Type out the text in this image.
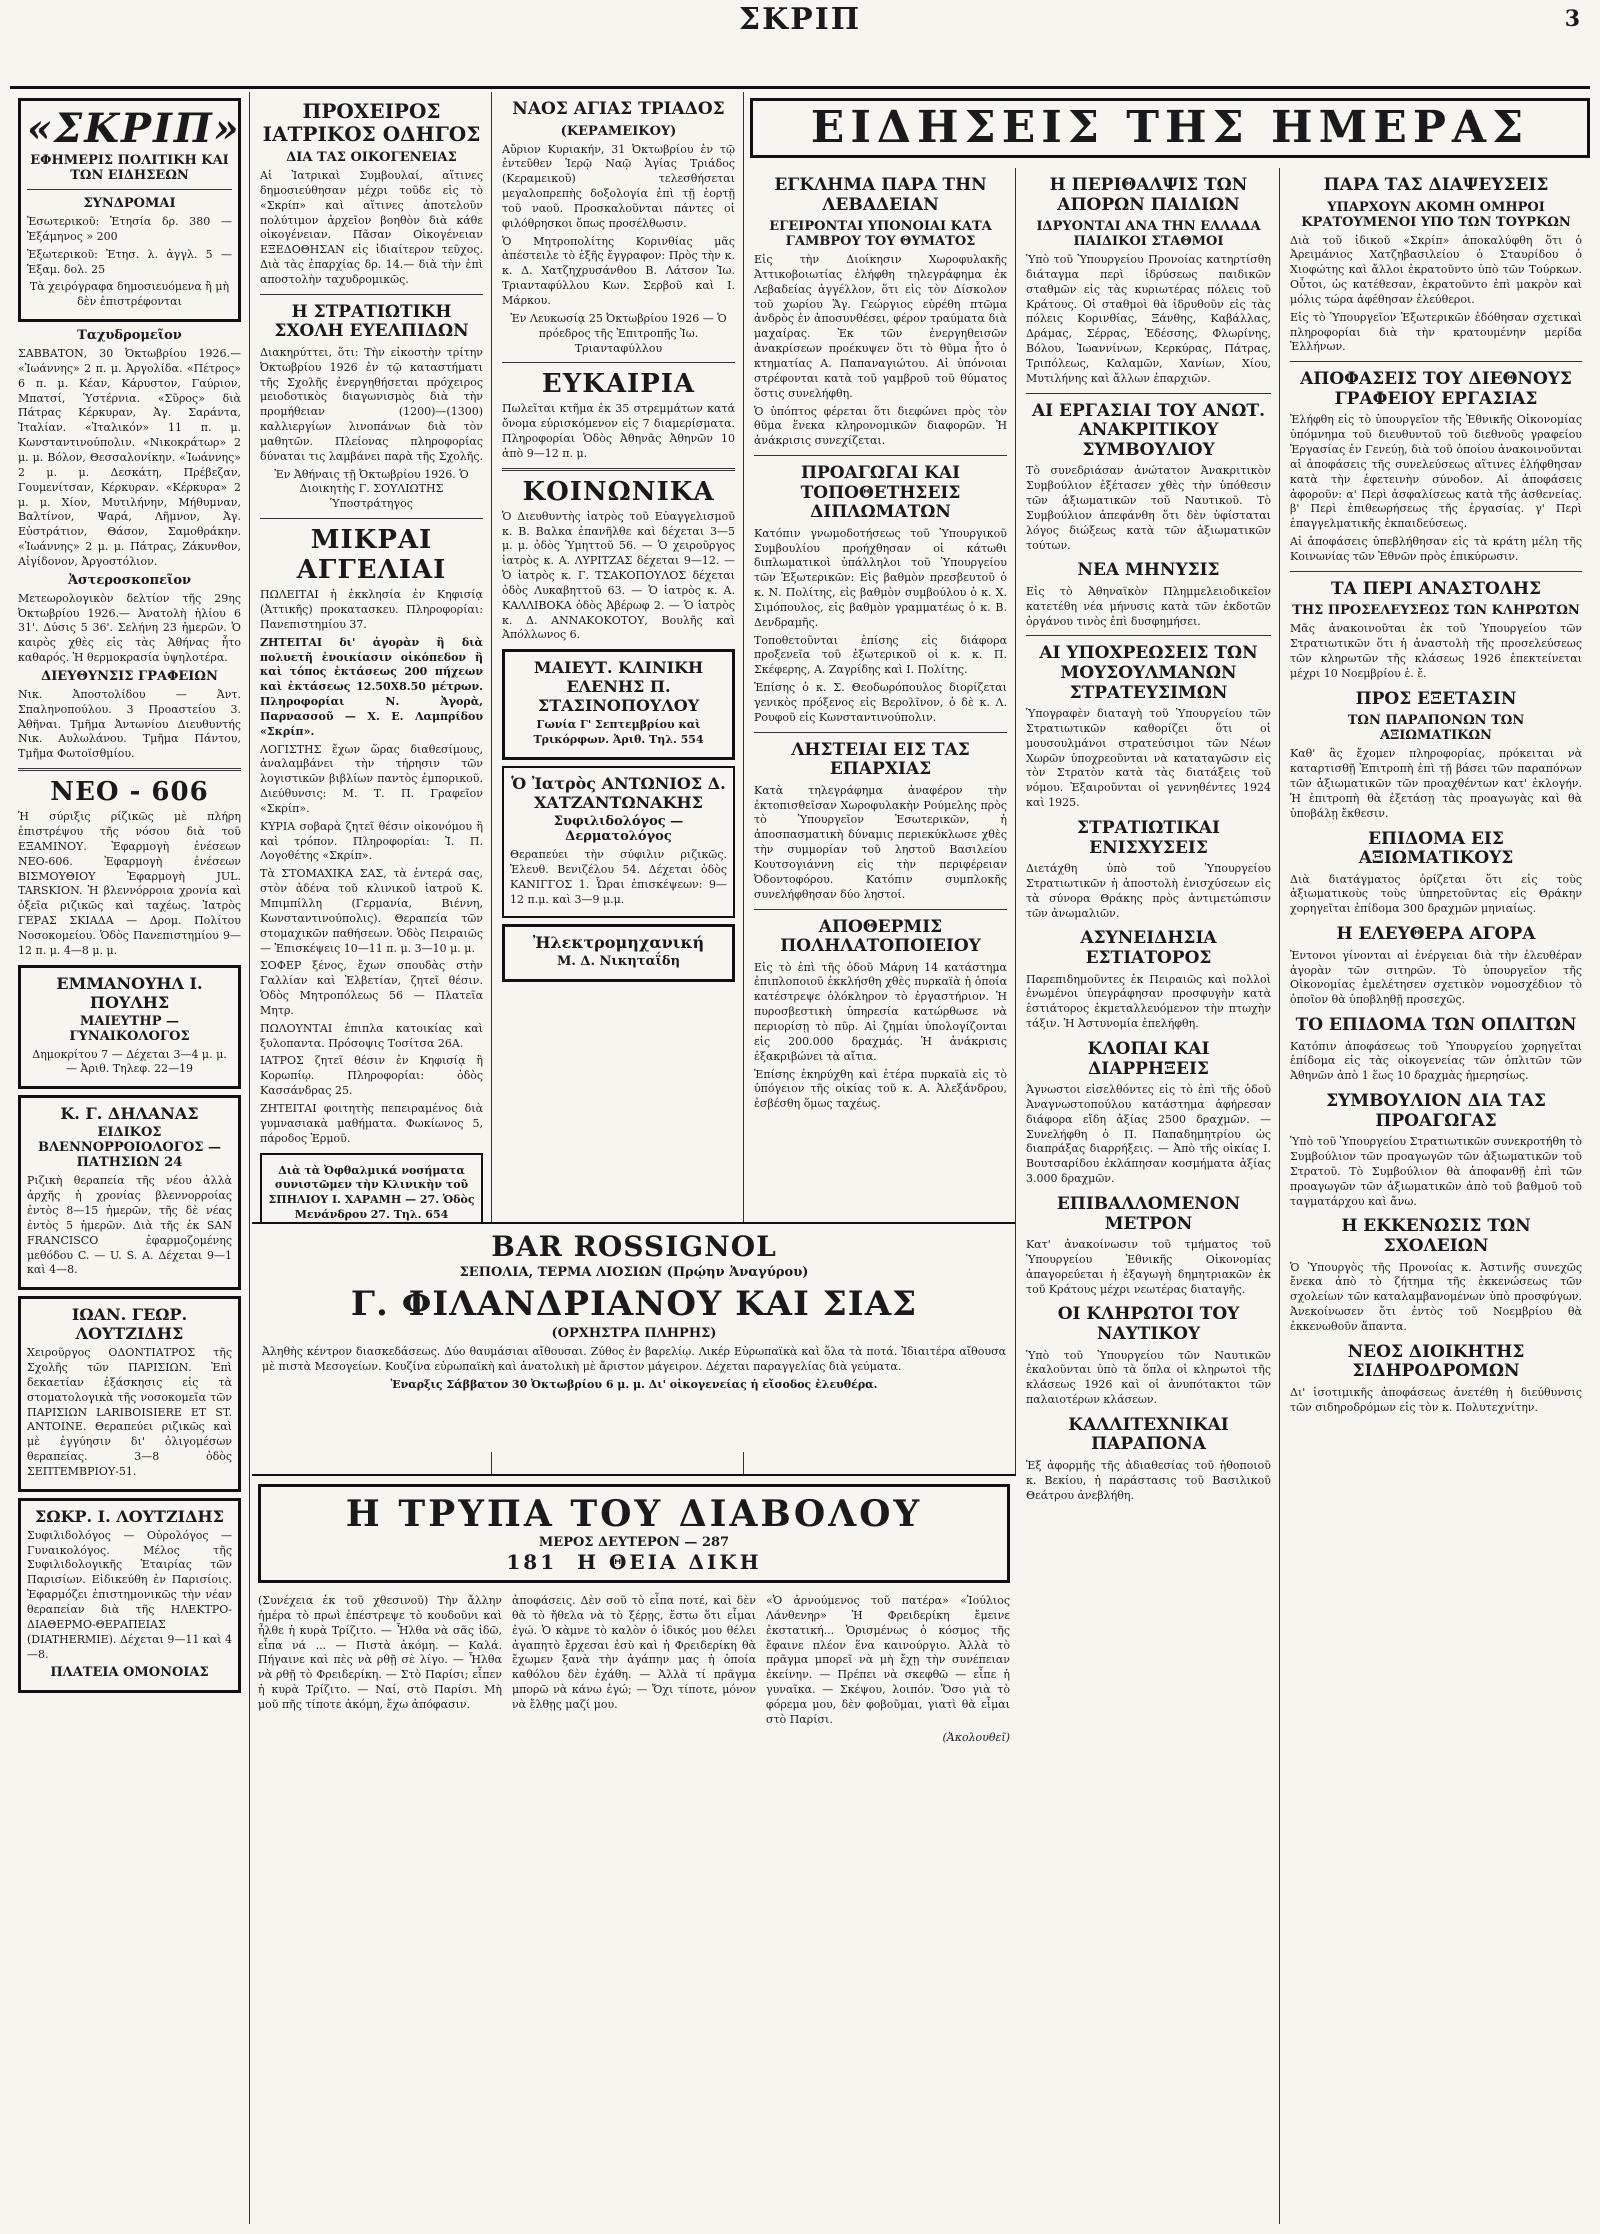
ΣΚΡΙΠ	3
«ΣΚΡΙΠ»
ΕΦΗΜΕΡΙΣ ΠΟΛΙΤΙΚΗ ΚΑΙ ΤΩΝ ΕΙΔΗΣΕΩΝ
ΣΥΝΔΡΟΜΑΙ
Ἐσωτερικοῦ: Ἐτησία δρ. 380 — Ἑξάμηνος » 200
Ἐξωτερικοῦ: Ἐτησ. λ. ἀγγλ. 5 — Ἑξαμ. δολ. 25
Τὰ χειρόγραφα δημοσιευόμενα ἢ μὴ δὲν ἐπιστρέφονται
Ταχυδρομεῖον
ΣΑΒΒΑΤΟΝ, 30 Ὀκτωβρίου 1926.— «Ἰωάννης» 2 π. μ. Ἀργολίδα. «Πέτρος» 6 π. μ. Κέαν, Κάρυστον, Γαύριον, Μπατσί, Ὑστέρνια. «Σῦρος» διὰ Πάτρας Κέρκυραν, Ἀγ. Σαράντα, Ἰταλίαν. «Ἰταλικόν» 11 π. μ. Κωνσταντινούπολιν. «Νικοκράτωρ» 2 μ. μ. Βόλον, Θεσσαλονίκην. «Ἰωάννης» 2 μ. μ. Δεσκάτη, Πρέβεζαν, Γουμενίτσαν, Κέρκυραν. «Κέρκυρα» 2 μ. μ. Χίον, Μυτιλήνην, Μήθυμναν, Βαλτίνον, Ψαρά, Λῆμνον, Ἀγ. Εὐστράτιον, Θάσον, Σαμοθράκην. «Ἰωάννης» 2 μ. μ. Πάτρας, Ζάκυνθον, Αἰγίδονον, Ἀργοστόλιον.
Ἀστεροσκοπεῖον
Μετεωρολογικὸν δελτίον τῆς 29ης Ὀκτωβρίου 1926.— Ἀνατολὴ ἡλίου 6 31'. Δύσις 5 36'. Σελήνη 23 ἡμερῶν. Ὁ καιρὸς χθὲς εἰς τὰς Ἀθήνας ἦτο καθαρός. Ἡ θερμοκρασία ὑψηλοτέρα.
ΔΙΕΥΘΥΝΣΙΣ ΓΡΑΦΕΙΩΝ
Νικ. Ἀποστολίδου — Ἀντ. Σπαληνοπούλου. 3 Προαστείου 3. Ἀθῆναι. Τμῆμα Ἀντωνίου Διευθυντής Νικ. Αυλωλάνου. Τμῆμα Πάντου, Τμῆμα Φωτοϊσθμίου.
ΝΕΟ - 606
Ἡ σύριξις ρίζικῶς μὲ πλήρη ἐπιστρέψου τῆς νόσου διὰ τοῦ ΕΞΑΜΙΝΟΥ. Ἐφαρμογὴ ἐνέσεων ΝΕΟ-606. Ἐφαρμογὴ ἐνέσεων ΒΙΣΜΟΥΘΙΟΥ Ἐφαρμογὴ JUL. TARSKION. Ἡ βλεννόρροια χρονία καὶ ὀξεῖα ριζικῶς καὶ ταχέως. Ἰατρὸς ΓΕΡΑΣ ΣΚΙΑΔΑ — Δρομ. Πολίτου Νοσοκομείου. Ὁδὸς Πανεπιστημίου 9—12 π. μ. 4—8 μ. μ.
ΕΜΜΑΝΟΥΗΛ Ι. ΠΟΥΛΗΣ
ΜΑΙΕΥΤΗΡ — ΓΥΝΑΙΚΟΛΟΓΟΣ
Δημοκρίτου 7 — Δέχεται 3—4 μ. μ. — Ἀριθ. Τηλεφ. 22—19
Κ. Γ. ΔΗΛΑΝΑΣ
ΕΙΔΙΚΟΣ ΒΛΕΝΝΟΡΡΟΙΟΛΟΓΟΣ — ΠΑΤΗΣΙΩΝ 24
Ριζικὴ θεραπεία τῆς νέου ἀλλὰ ἀρχῆς ἡ χρονίας βλεννορροίας ἐντὸς 8—15 ἡμερῶν, τῆς δὲ νέας ἐντὸς 5 ἡμερῶν. Διὰ τῆς ἐκ SAN FRANCISCO ἐφαρμοζομένης μεθόδου C. — U. S. A. Δέχεται 9—1 καὶ 4—8.
ΙΩΑΝ. ΓΕΩΡ. ΛΟΥΤΖΙΔΗΣ
Χειροῦργος ΟΔΟΝΤΙΑΤΡΟΣ τῆς Σχολῆς τῶν ΠΑΡΙΣΙΩΝ. Ἐπὶ δεκαετίαν ἐξάσκησις εἰς τὰ στοματολογικὰ τῆς νοσοκομεῖα τῶν ΠΑΡΙΣΙΩΝ LARIBOISIERE ET ST. ANTOINE. Θεραπεύει ριζικῶς καὶ μὲ ἐγγύησιν δι' ὀλιγομέσων θεραπείας. 3—8 ὁδὸς ΣΕΠΤΕΜΒΡΙΟΥ-51.
ΣΩΚΡ. Ι. ΛΟΥΤΖΙΔΗΣ
Συφιλιδολόγος — Οὐρολόγος — Γυναικολόγος. Μέλος τῆς Συφιλιδολογικῆς Ἑταιρίας τῶν Παρισίων. Εἰδικεύθη ἐν Παρισίοις. Ἐφαρμόζει ἐπιστημονικῶς τὴν νέαν θεραπείαν διὰ τῆς ΗΛΕΚΤΡΟ-ΔΙΑΘΕΡΜΟ-ΘΕΡΑΠΕΙΑΣ (DIATHERMIE). Δέχεται 9—11 καὶ 4—8.
ΠΛΑΤΕΙΑ ΟΜΟΝΟΙΑΣ
ΠΡΟΧΕΙΡΟΣ ΙΑΤΡΙΚΟΣ ΟΔΗΓΟΣ
ΔΙΑ ΤΑΣ ΟΙΚΟΓΕΝΕΙΑΣ
Αἱ Ἰατρικαὶ Συμβουλαί, αἵτινες δημοσιεύθησαν μέχρι τοῦδε εἰς τὸ «Σκρίπ» καὶ αἵτινες ἀποτελοῦν πολύτιμον ἀρχεῖον βοηθὸν διὰ κάθε οἰκογένειαν. Πᾶσαν Οἰκογένειαν ΕΞΕΔΟΘΗΣΑΝ εἰς ἰδιαίτερον τεῦχος. Διὰ τὰς ἐπαρχίας δρ. 14.— διὰ τὴν ἐπὶ αποστολὴν ταχυδρομικῶς.
Η ΣΤΡΑΤΙΩΤΙΚΗ ΣΧΟΛΗ ΕΥΕΛΠΙΔΩΝ
Διακηρύττει, ὅτι: Τὴν εἰκοστὴν τρίτην Ὀκτωβρίου 1926 ἐν τῷ καταστήματι τῆς Σχολῆς ἐνεργηθήσεται πρόχειρος μειοδοτικὸς διαγωνισμὸς διὰ τὴν προμήθειαν (1200)—(1300) καλλιεργίων λινοπάνων διὰ τὸν μαθητῶν. Πλείονας πληροφορίας δύναται τις λαμβάνει παρὰ τῆς Σχολῆς.
Ἐν Ἀθήναις τῇ Ὀκτωβρίου 1926. Ὁ Διοικητὴς Γ. ΣΟΥΛΙΩΤΗΣ Ὑποστράτηγος
ΜΙΚΡΑΙ ΑΓΓΕΛΙΑΙ
ΠΩΛΕΙΤΑΙ ἡ ἐκκλησία ἐν Κηφισίᾳ (Ἀττικῆς) προκατασκευ. Πληροφορίαι: Πανεπιστημίου 37.
ΖΗΤΕΙΤΑΙ δι' ἀγορὰν ἢ διὰ πολυετῆ ἐνοικίασιν οἰκόπεδον ἢ καὶ τόπος ἐκτάσεως 200 πήχεων καὶ ἐκτάσεως 12.50Χ8.50 μέτρων. Πληροφορίαι Ν. Ἀγορὰ, Παρνασσοῦ — Χ. Ε. Λαμπρίδου «Σκρίπ».
ΛΟΓΙΣΤΗΣ ἔχων ὥρας διαθεσίμους, ἀναλαμβάνει τὴν τήρησιν τῶν λογιστικῶν βιβλίων παντὸς ἐμπορικοῦ. Διεύθυνσις: Μ. Τ. Π. Γραφεῖον «Σκρίπ».
ΚΥΡΙΑ σοβαρὰ ζητεῖ θέσιν οἰκονόμου ἢ καὶ τρόπον. Πληροφορίαι: Ἰ. Π. Λογοθέτης «Σκρίπ».
Τὰ ΣΤΟΜΑΧΙΚΑ ΣΑΣ, τὰ ἐντερά σας, στὸν ἀδένα τοῦ κλινικοῦ ἰατροῦ Κ. Μπιμπίλλη (Γερμανία, Βιέννη, Κωνσταντινούπολις). Θεραπεία τῶν στομαχικῶν παθήσεων. Ὁδὸς Πειραιῶς — Ἐπισκέψεις 10—11 π. μ. 3—10 μ. μ.
ΣΟΦΕΡ ξένος, ἔχων σπουδὰς στὴν Γαλλίαν καὶ Ἑλβετίαν, ζητεῖ θέσιν. Ὁδὸς Μητροπόλεως 56 — Πλατεῖα Μητρ.
ΠΩΛΟΥΝΤΑΙ ἐπιπλα κατοικίας καὶ ξυλοπαντα. Πρόσοψις Τοσίτσα 26Α.
ΙΑΤΡΟΣ ζητεῖ θέσιν ἐν Κηφισίᾳ ἢ Κορωπίῳ. Πληροφορίαι: ὁδὸς Κασσάνδρας 25.
ΖΗΤΕΙΤΑΙ φοιτητὴς πεπειραμένος διὰ γυμνασιακὰ μαθήματα. Φωκίωνος 5, πάροδος Ἑρμοῦ.
Διὰ τὰ Ὀφθαλμικά νοσήματα συνιστῶμεν τὴν Κλινικὴν τοῦ ΣΠΗΛΙΟΥ Ι. ΧΑΡΑΜΗ — 27. Ὁδὸς Μενάνδρου 27. Τηλ. 654
ΝΑΟΣ ΑΓΙΑΣ ΤΡΙΑΔΟΣ
(ΚΕΡΑΜΕΙΚΟΥ)
Αὔριον Κυριακήν, 31 Ὀκτωβρίου ἐν τῷ ἐντεῦθεν Ἱερῷ Ναῷ Ἁγίας Τριάδος (Κεραμεικοῦ) τελεσθήσεται μεγαλοπρεπὴς δοξολογία ἐπὶ τῇ ἑορτῇ τοῦ ναοῦ. Προσκαλοῦνται πάντες οἱ φιλόθρησκοι ὅπως προσέλθωσιν.
Ὁ Μητροπολίτης Κορινθίας μᾶς ἀπέστειλε τὸ ἑξῆς ἔγγραφον: Πρὸς τὴν κ. κ. Δ. Χατζηχρυσάνθου Β. Λάτσον Ἰω. Τριανταφύλλου Κων. Σερβοῦ καὶ Ι. Μάρκου.
Ἐν Λευκωσίᾳ 25 Ὀκτωβρίου 1926 — Ὁ πρόεδρος τῆς Ἐπιτροπῆς Ἰω. Τριανταφύλλου
ΕΥΚΑΙΡΙΑ
Πωλεῖται κτῆμα ἐκ 35 στρεμμάτων κατά ὄνομα εὑρισκόμενον εἰς 7 διαμερίσματα. Πληροφορίαι Ὁδὸς Ἀθηνᾶς Ἀθηνῶν 10 ἀπὸ 9—12 π. μ.
ΚΟΙΝΩΝΙΚΑ
Ὁ Διευθυντὴς ἰατρὸς τοῦ Εὐαγγελισμοῦ κ. Β. Βαλκα ἐπανῆλθε καὶ δέχεται 3—5 μ. μ. ὁδὸς Ὑμηττοῦ 56. — Ὁ χειροῦργος ἰατρὸς κ. Α. ΛΥΡΙΤΖΑΣ δέχεται 9—12. — Ὁ ἰατρὸς κ. Γ. ΤΣΑΚΟΠΟΥΛΟΣ δέχεται ὁδὸς Λυκαβηττοῦ 63. — Ὁ ἰατρὸς κ. Α. ΚΑΛΛΙΒΟΚΑ ὁδὸς Ἀβέρωφ 2. — Ὁ ἰατρὸς κ. Δ. ΑΝΝΑΚΟΚΟΤΟΥ, Βουλῆς καὶ Ἀπόλλωνος 6.
ΜΑΙΕΥΤ. ΚΛΙΝΙΚΗ ΕΛΕΝΗΣ Π. ΣΤΑΣΙΝΟΠΟΥΛΟΥ
Γωνία Γ' Σεπτεμβρίου καὶ Τρικόρφων. Ἀριθ. Τηλ. 554
Ὁ Ἰατρὸς ΑΝΤΩΝΙΟΣ Δ. ΧΑΤΖΑΝΤΩΝΑΚΗΣ
Συφιλιδολόγος — Δερματολόγος
Θεραπεύει τὴν σύφιλιν ριζικῶς. Ἑλευθ. Βενιζέλου 54. Δέχεται ὁδὸς ΚΑΝΙΓΓΟΣ 1. Ὧραι ἐπισκέψεων: 9—12 π.μ. καὶ 3—9 μ.μ.
Ἠλεκτρομηχανική
Μ. Δ. Νικηταΐδη
BAR ROSSIGNOL
ΣΕΠΟΛΙΑ, ΤΕΡΜΑ ΛΙΟΣΙΩΝ (Πρῴην Ἀναγύρου)
Γ. ΦΙΛΑΝΔΡΙΑΝΟΥ ΚΑΙ ΣΙΑΣ
(ΟΡΧΗΣΤΡΑ ΠΛΗΡΗΣ)
Ἀληθὴς κέντρον διασκεδάσεως. Δύο θαυμάσιαι αἴθουσαι. Ζύθος ἐν βαρελίῳ. Λικέρ Εὐρωπαϊκὰ καὶ ὅλα τὰ ποτά. Ἰδιαιτέρα αἴθουσα μὲ πιστὰ Μεσογείων. Κουζίνα εὐρωπαϊκὴ καὶ ἀνατολικὴ μὲ ἄριστον μάγειρον. Δέχεται παραγγελίας διὰ γεύματα.
Ἐναρξις Σάββατον 30 Ὀκτωβρίου 6 μ. μ. Δι' οἰκογενείας ἡ εἴσοδος ἐλευθέρα.
Η ΤΡΥΠΑ ΤΟΥ ΔΙΑΒΟΛΟΥ
ΜΕΡΟΣ ΔΕΥΤΕΡΟΝ — 287
181 Η ΘΕΙΑ ΔΙΚΗ
(Συνέχεια ἐκ τοῦ χθεσινοῦ) Τὴν ἄλλην ἡμέρα τὸ πρωὶ ἐπέστρεψε τὸ κουδοῦνι καὶ ἦλθε ἡ κυρὰ Τρίζιτο. — Ἦλθα νὰ σᾶς ἰδῶ, εἶπα νά ... — Πιστὰ ἀκόμη. — Καλά. Πήγαινε καὶ πὲς νὰ ρθῇ σὲ λίγο. — Ἦλθα νὰ ρθῇ τὸ Φρειδερίκη. — Στὸ Παρίσι; εἶπεν ἡ κυρὰ Τρίζιτο. — Ναί, στὸ Παρίσι. Μὴ μοῦ πῆς τίποτε ἀκόμη, ἔχω ἀπόφασιν.
ἀποφάσεις. Δὲν σοῦ τὸ εἶπα ποτέ, καὶ δὲν θὰ τὸ ἤθελα νὰ τὸ ξέρῃς, ἔστω ὅτι εἶμαι ἐγώ. Ὁ κὰμνε τὸ καλὸν ὁ ἰδικός μου θέλει ἀγαπητὸ ἔρχεσαι ἐσὺ καὶ ἡ Φρειδερίκη θὰ ἔχωμεν ξανὰ τὴν ἀγάπην μας ἡ ὁποία καθόλου δὲν ἐχάθη. — Ἀλλὰ τί πρᾶγμα μπορῶ νὰ κάνω ἐγώ; — Ὄχι τίποτε, μόνον νὰ ἔλθῃς μαζί μου.
«Ὁ ἀρνούμενος τοῦ πατέρα» «Ἰούλιος Λάνθενηρ» Ἡ Φρειδερίκη ἔμεινε ἐκστατική... Ὁρισμένως ὁ κόσμος τῆς ἔφαινε πλέον ἕνα καινούργιο. Ἀλλὰ τὸ πρᾶγμα μπορεῖ νὰ μὴ ἔχῃ τὴν συνέπειαν ἐκείνην. — Πρέπει νὰ σκεφθῶ — εἶπε ἡ γυναῖκα. — Σκέψου, λοιπόν. Ὅσο γιὰ τὸ φόρεμα μου, δὲν φοβοῦμαι, γιατὶ θὰ εἶμαι στὸ Παρίσι.
(Ἀκολουθεῖ)
ΕΙΔΗΣΕΙΣ ΤΗΣ ΗΜΕΡΑΣ
ΕΓΚΛΗΜΑ ΠΑΡΑ ΤΗΝ ΛΕΒΑΔΕΙΑΝ
ΕΓΕΙΡΟΝΤΑΙ ΥΠΟΝΟΙΑΙ ΚΑΤΑ ΓΑΜΒΡΟΥ ΤΟΥ ΘΥΜΑΤΟΣ
Εἰς τὴν Διοίκησιν Χωροφυλακῆς Ἀττικοβοιωτίας ἐλήφθη τηλεγράφημα ἐκ Λεβαδείας ἀγγέλλον, ὅτι εἰς τὸν Δίσκολον τοῦ χωρίου Ἅγ. Γεώργιος εὑρέθη πτῶμα ἀνδρὸς ἐν ἀποσυνθέσει, φέρον τραύματα διὰ μαχαίρας. Ἐκ τῶν ἐνεργηθεισῶν ἀνακρίσεων προέκυψεν ὅτι τὸ θῦμα ἦτο ὁ κτηματίας Α. Παπαναγιώτου. Αἱ ὑπόνοιαι στρέφονται κατὰ τοῦ γαμβροῦ τοῦ θύματος ὅστις συνελήφθη.
Ὁ ὑπόπτος φέρεται ὅτι διεφώνει πρὸς τὸν θῦμα ἕνεκα κληρονομικῶν διαφορῶν. Ἡ ἀνάκρισις συνεχίζεται.
ΠΡΟΑΓΩΓΑΙ ΚΑΙ ΤΟΠΟΘΕΤΗΣΕΙΣ ΔΙΠΛΩΜΑΤΩΝ
Κατόπιν γνωμοδοτήσεως τοῦ Ὑπουργικοῦ Συμβουλίου προήχθησαν οἱ κάτωθι διπλωματικοὶ ὑπάλληλοι τοῦ Ὑπουργείου τῶν Ἐξωτερικῶν: Εἰς βαθμὸν πρεσβευτοῦ ὁ κ. Ν. Πολίτης, εἰς βαθμὸν συμβούλου ὁ κ. Χ. Σιμόπουλος, εἰς βαθμὸν γραμματέως ὁ κ. Β. Δενδραμῆς.
Τοποθετοῦνται ἐπίσης εἰς διάφορα προξενεῖα τοῦ ἐξωτερικοῦ οἱ κ. κ. Π. Σκέφερης, Α. Ζαγρίδης καὶ Ι. Πολίτης.
Ἐπίσης ὁ κ. Σ. Θεοδωρόπουλος διορίζεται γενικὸς πρόξενος εἰς Βερολῖνον, ὁ δὲ κ. Λ. Ρουφοῦ εἰς Κωνσταντινούπολιν.
ΛΗΣΤΕΙΑΙ ΕΙΣ ΤΑΣ ΕΠΑΡΧΙΑΣ
Κατὰ τηλεγράφημα ἀναφέρον τὴν ἐκτοπισθεῖσαν Χωροφυλακὴν Ρούμελης πρὸς τὸ Ὑπουργεῖον Ἐσωτερικῶν, ἡ ἀποσπασματικὴ δύναμις περιεκύκλωσε χθὲς τὴν συμμορίαν τοῦ ληστοῦ Βασιλείου Κουτσογιάννη εἰς τὴν περιφέρειαν Ὀδοντοφόρου. Κατόπιν συμπλοκῆς συνελήφθησαν δύο ληστοί.
ΑΠΟΘΕΡΜΙΣ ΠΟΛΗΛΑΤΟΠΟΙΕΙΟΥ
Εἰς τὸ ἐπὶ τῆς ὁδοῦ Μάρνη 14 κατάστημα ἐπιπλοποιοῦ ἐκκλήσθη χθὲς πυρκαϊὰ ἡ ὁποία κατέστρεψε ὁλόκληρον τὸ ἐργαστήριον. Ἡ πυροσβεστικὴ ὑπηρεσία κατώρθωσε νὰ περιορίσῃ τὸ πῦρ. Αἱ ζημίαι ὑπολογίζονται εἰς 200.000 δραχμάς. Ἡ ἀνάκρισις ἐξακριβώνει τὰ αἴτια.
Ἐπίσης ἐκηρύχθη καὶ ἑτέρα πυρκαϊὰ εἰς τὸ ὑπόγειον τῆς οἰκίας τοῦ κ. Α. Ἀλεξάνδρου, ἐσβέσθη ὅμως ταχέως.
Η ΠΕΡΙΘΑΛΨΙΣ ΤΩΝ ΑΠΟΡΩΝ ΠΑΙΔΙΩΝ
ΙΔΡΥΟΝΤΑΙ ΑΝΑ ΤΗΝ ΕΛΛΑΔΑ ΠΑΙΔΙΚΟΙ ΣΤΑΘΜΟΙ
Ὑπὸ τοῦ Ὑπουργείου Προνοίας κατηρτίσθη διάταγμα περὶ ἱδρύσεως παιδικῶν σταθμῶν εἰς τὰς κυριωτέρας πόλεις τοῦ Κράτους. Οἱ σταθμοὶ θὰ ἱδρυθοῦν εἰς τὰς πόλεις Κορινθίας, Ξάνθης, Καβάλλας, Δράμας, Σέρρας, Ἐδέσσης, Φλωρίνης, Βόλου, Ἰωαννίνων, Κερκύρας, Πάτρας, Τριπόλεως, Καλαμῶν, Χανίων, Χίου, Μυτιλήνης καὶ ἄλλων ἐπαρχιῶν.
ΑΙ ΕΡΓΑΣΙΑΙ ΤΟΥ ΑΝΩΤ. ΑΝΑΚΡΙΤΙΚΟΥ ΣΥΜΒΟΥΛΙΟΥ
Τὸ συνεδριάσαν ἀνώτατον Ἀνακριτικὸν Συμβούλιον ἐξέτασεν χθὲς τὴν ὑπόθεσιν τῶν ἀξιωματικῶν τοῦ Ναυτικοῦ. Τὸ Συμβούλιον ἀπεφάνθη ὅτι δὲν ὑφίσταται λόγος διώξεως κατὰ τῶν ἀξιωματικῶν τούτων.
ΝΕΑ ΜΗΝΥΣΙΣ
Εἰς τὸ Ἀθηναϊκὸν Πλημμελειοδικεῖον κατετέθη νέα μήνυσις κατὰ τῶν ἐκδοτῶν ὀργάνου τινὸς ἐπὶ δυσφημήσει.
ΑΙ ΥΠΟΧΡΕΩΣΕΙΣ ΤΩΝ ΜΟΥΣΟΥΛΜΑΝΩΝ ΣΤΡΑΤΕΥΣΙΜΩΝ
Ὑπογραφὲν διαταγὴ τοῦ Ὑπουργείου τῶν Στρατιωτικῶν καθορίζει ὅτι οἱ μουσουλμάνοι στρατεύσιμοι τῶν Νέων Χωρῶν ὑποχρεοῦνται νὰ καταταγῶσιν εἰς τὸν Στρατὸν κατὰ τὰς διατάξεις τοῦ νόμου. Ἐξαιροῦνται οἱ γεννηθέντες 1924 καὶ 1925.
ΣΤΡΑΤΙΩΤΙΚΑΙ ΕΝΙΣΧΥΣΕΙΣ
Διετάχθη ὑπὸ τοῦ Ὑπουργείου Στρατιωτικῶν ἡ ἀποστολὴ ἐνισχύσεων εἰς τὰ σύνορα Θράκης πρὸς ἀντιμετώπισιν τῶν ἀνωμαλιῶν.
ΑΣΥΝΕΙΔΗΣΙΑ ΕΣΤΙΑΤΟΡΟΣ
Παρεπιδημοῦντες ἐκ Πειραιῶς καὶ πολλοὶ ἐνωμένοι ὑπεγράφησαν προσφυγὴν κατὰ ἑστιάτορος ἐκμεταλλευόμενον τὴν πτωχὴν τάξιν. Ἡ Ἀστυνομία ἐπελήφθη.
ΚΛΟΠΑΙ ΚΑΙ ΔΙΑΡΡΗΞΕΙΣ
Ἀγνωστοι εἰσελθόντες εἰς τὸ ἐπὶ τῆς ὁδοῦ Ἀναγνωστοπούλου κατάστημα ἀφήρεσαν διάφορα εἴδη ἀξίας 2500 δραχμῶν. — Συνελήφθη ὁ Π. Παπαδημητρίου ὡς διαπράξας διαρρήξεις. — Ἀπὸ τῆς οἰκίας Ι. Βουτσαρίδου ἐκλάπησαν κοσμήματα ἀξίας 3.000 δραχμῶν.
ΕΠΙΒΑΛΛΟΜΕΝΟΝ ΜΕΤΡΟΝ
Κατ' ἀνακοίνωσιν τοῦ τμήματος τοῦ Ὑπουργείου Ἐθνικῆς Οἰκονομίας ἀπαγορεύεται ἡ ἐξαγωγὴ δημητριακῶν ἐκ τοῦ Κράτους μέχρι νεωτέρας διαταγῆς.
ΟΙ ΚΛΗΡΩΤΟΙ ΤΟΥ ΝΑΥΤΙΚΟΥ
Ὑπὸ τοῦ Ὑπουργείου τῶν Ναυτικῶν ἐκαλοῦνται ὑπὸ τὰ ὅπλα οἱ κληρωτοὶ τῆς κλάσεως 1926 καὶ οἱ ἀνυπότακτοι τῶν παλαιοτέρων κλάσεων.
ΚΑΛΛΙΤΕΧΝΙΚΑΙ ΠΑΡΑΠΟΝΑ
Ἐξ ἀφορμῆς τῆς ἀδιαθεσίας τοῦ ἠθοποιοῦ κ. Βεκίου, ἡ παράστασις τοῦ Βασιλικοῦ Θεάτρου ἀνεβλήθη.
ΠΑΡΑ ΤΑΣ ΔΙΑΨΕΥΣΕΙΣ
ΥΠΑΡΧΟΥΝ ΑΚΟΜΗ ΟΜΗΡΟΙ ΚΡΑΤΟΥΜΕΝΟΙ ΥΠΟ ΤΩΝ ΤΟΥΡΚΩΝ
Διὰ τοῦ ἰδικοῦ «Σκρίπ» ἀποκαλύφθη ὅτι ὁ Ἀρειμάνιος Χατζηβασιλείου ὁ Σταυρίδου ὁ Χιοφώτης καὶ ἄλλοι ἐκρατοῦντο ὑπὸ τῶν Τούρκων. Οὗτοι, ὡς κατέθεσαν, ἐκρατοῦντο ἐπὶ μακρὸν καὶ μόλις τώρα ἀφέθησαν ἐλεύθεροι.
Εἰς τὸ Ὑπουργεῖον Ἐξωτερικῶν ἐδόθησαν σχετικαὶ πληροφορίαι διὰ τὴν κρατουμένην μερίδα Ἑλλήνων.
ΑΠΟΦΑΣΕΙΣ ΤΟΥ ΔΙΕΘΝΟΥΣ ΓΡΑΦΕΙΟΥ ΕΡΓΑΣΙΑΣ
Ἐλήφθη εἰς τὸ ὑπουργεῖον τῆς Ἐθνικῆς Οἰκονομίας ὑπόμνημα τοῦ διευθυντοῦ τοῦ διεθνοῦς γραφείου Ἐργασίας ἐν Γενεύῃ, διὰ τοῦ ὁποίου ἀνακοινοῦνται αἱ ἀποφάσεις τῆς συνελεύσεως αἵτινες ἐλήφθησαν κατὰ τὴν ἐφετεινὴν σύνοδον. Αἱ ἀποφάσεις ἀφοροῦν: α' Περὶ ἀσφαλίσεως κατὰ τῆς ἀσθενείας. β' Περὶ ἐπιθεωρήσεως τῆς ἐργασίας. γ' Περὶ ἐπαγγελματικῆς ἐκπαιδεύσεως.
Αἱ ἀποφάσεις ὑπεβλήθησαν εἰς τὰ κράτη μέλη τῆς Κοινωνίας τῶν Ἐθνῶν πρὸς ἐπικύρωσιν.
ΤΑ ΠΕΡΙ ΑΝΑΣΤΟΛΗΣ
ΤΗΣ ΠΡΟΣΕΛΕΥΣΕΩΣ ΤΩΝ ΚΛΗΡΩΤΩΝ
Μᾶς ἀνακοινοῦται ἐκ τοῦ Ὑπουργείου τῶν Στρατιωτικῶν ὅτι ἡ ἀναστολὴ τῆς προσελεύσεως τῶν κληρωτῶν τῆς κλάσεως 1926 ἐπεκτείνεται μέχρι 10 Νοεμβρίου ἐ. ἔ.
ΠΡΟΣ ΕΞΕΤΑΣΙΝ
ΤΩΝ ΠΑΡΑΠΟΝΩΝ ΤΩΝ ΑΞΙΩΜΑΤΙΚΩΝ
Καθ' ἃς ἔχομεν πληροφορίας, πρόκειται νὰ καταρτισθῇ Ἐπιτροπὴ ἐπὶ τῇ βάσει τῶν παραπόνων τῶν ἀξιωματικῶν τῶν προαχθέντων κατ' ἐκλογήν. Ἡ ἐπιτροπὴ θὰ ἐξετάσῃ τὰς προαγωγὰς καὶ θὰ ὑποβάλῃ ἔκθεσιν.
ΕΠΙΔΟΜΑ ΕΙΣ ΑΞΙΩΜΑΤΙΚΟΥΣ
Διὰ διατάγματος ὁρίζεται ὅτι εἰς τοὺς ἀξιωματικοὺς τοὺς ὑπηρετοῦντας εἰς Θράκην χορηγεῖται ἐπίδομα 300 δραχμῶν μηνιαίως.
Η ΕΛΕΥΘΕΡΑ ΑΓΟΡΑ
Ἐντονοι γίνονται αἱ ἐνέργειαι διὰ τὴν ἐλευθέραν ἀγορὰν τῶν σιτηρῶν. Τὸ ὑπουργεῖον τῆς Οἰκονομίας ἐμελέτησεν σχετικὸν νομοσχέδιον τὸ ὁποῖον θὰ ὑποβληθῇ προσεχῶς.
ΤΟ ΕΠΙΔΟΜΑ ΤΩΝ ΟΠΛΙΤΩΝ
Κατόπιν ἀποφάσεως τοῦ Ὑπουργείου χορηγεῖται ἐπίδομα εἰς τὰς οἰκογενείας τῶν ὁπλιτῶν τῶν Ἀθηνῶν ἀπὸ 1 ἕως 10 δραχμὰς ἡμερησίως.
ΣΥΜΒΟΥΛΙΟΝ ΔΙΑ ΤΑΣ ΠΡΟΑΓΩΓΑΣ
Ὑπὸ τοῦ Ὑπουργείου Στρατιωτικῶν συνεκροτήθη τὸ Συμβούλιον τῶν προαγωγῶν τῶν ἀξιωματικῶν τοῦ Στρατοῦ. Τὸ Συμβούλιον θὰ ἀποφανθῇ ἐπὶ τῶν προαγωγῶν τῶν ἀξιωματικῶν ἀπὸ τοῦ βαθμοῦ τοῦ ταγματάρχου καὶ ἄνω.
Η ΕΚΚΕΝΩΣΙΣ ΤΩΝ ΣΧΟΛΕΙΩΝ
Ὁ Ὑπουργὸς τῆς Προνοίας κ. Ἀστινῆς συνεχῶς ἔνεκα ἀπὸ τὸ ζήτημα τῆς ἐκκενώσεως τῶν σχολείων τῶν καταλαμβανομένων ὑπὸ προσφύγων. Ἀνεκοίνωσεν ὅτι ἐντὸς τοῦ Νοεμβρίου θὰ ἐκκενωθοῦν ἅπαντα.
ΝΕΟΣ ΔΙΟΙΚΗΤΗΣ ΣΙΔΗΡΟΔΡΟΜΩΝ
Δι' ἰσοτιμικῆς ἀποφάσεως ἀνετέθη ἡ διεύθυνσις τῶν σιδηροδρόμων εἰς τὸν κ. Πολυτεχνίτην.
